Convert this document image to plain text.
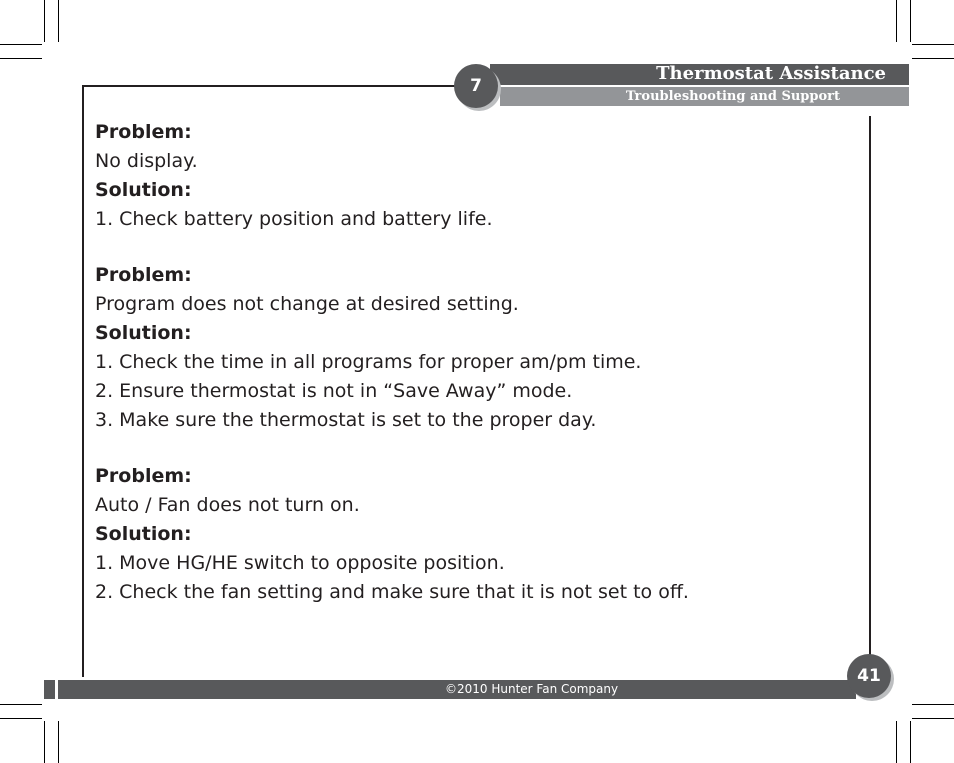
Thermostat Assistance
Troubleshooting and Support
7

Problem:

No display.

Solution:

1. Check battery position and battery life.

Problem:

Program does not change at desired setting.

Solution:

1. Check the time in all programs for proper am/pm time.

2. Ensure thermostat is not in “Save Away” mode.

3. Make sure the thermostat is set to the proper day.

Problem:

Auto / Fan does not turn on.

Solution:

1. Move HG/HE switch to opposite position.

2. Check the fan setting and make sure that it is not set to off.

©2010 Hunter Fan Company
41
